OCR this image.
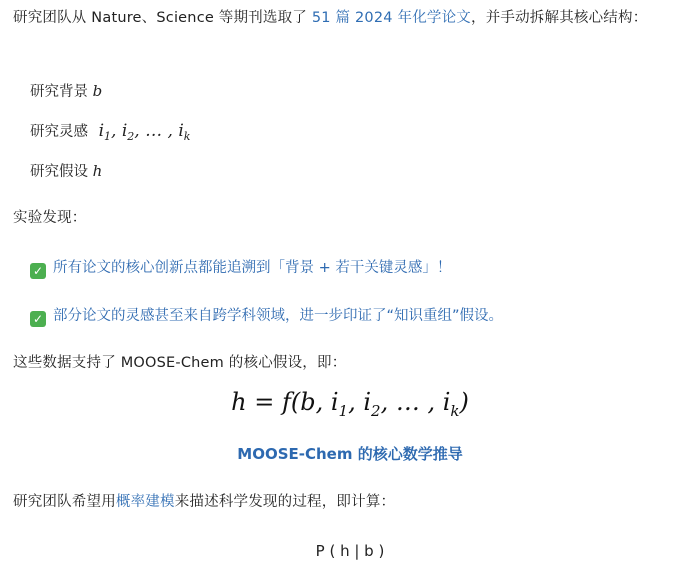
研究团队从 Nature、Science 等期刊选取了 51 篇 2024 年化学论文，并手动拆解其核心结构：
研究背景 b
研究灵感 $i_1$, $i_2$, … , $i_k$
研究假设 h
实验发现：
✓ 所有论文的核心创新点都能追溯到「背景 + 若干关键灵感」！
✓ 部分论文的灵感甚至来自跨学科领域，进一步印证了“知识重组”假设。
这些数据支持了 MOOSE-Chem 的核心假设，即：
h = f(b, $i_1$, $i_2$, … , $i_k$)
MOOSE-Chem 的核心数学推导
研究团队希望用概率建模来描述科学发现的过程，即计算：
P ( h | b )
